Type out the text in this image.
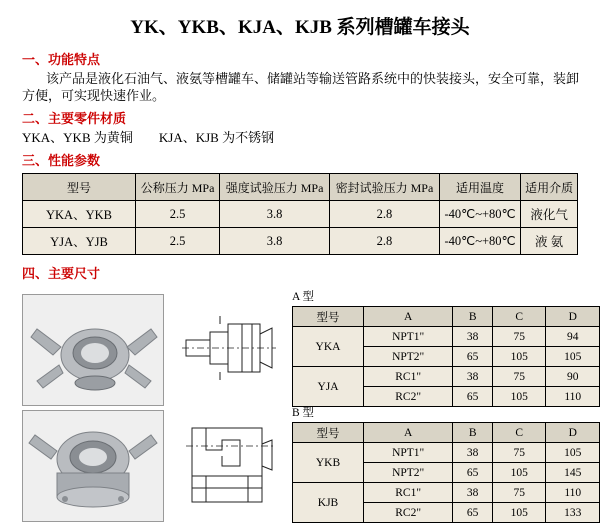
YK、YKB、KJA、KJB 系列槽罐车接头
一、功能特点
该产品是液化石油气、液氨等槽罐车、储罐站等输送管路系统中的快装接头，安全可靠，装卸方便，可实现快速作业。
二、主要零件材质
YKA、YKB 为黄铜 KJA、KJB 为不锈钢
三、性能参数
型号	公称压力 MPa	强度试验压力 MPa	密封试验压力 MPa	适用温度	适用介质
YKA、YKB	2.5	3.8	2.8	-40℃~+80℃	液化气
YJA、YJB	2.5	3.8	2.8	-40℃~+80℃	液 氨
四、主要尺寸
A 型
型号	A	B	C	D
YKA	NPT1"	38	75	94
	NPT2"	65	105	105
YJA	RC1"	38	75	90
	RC2"	65	105	110
B 型
型号	A	B	C	D
YKB	NPT1"	38	75	105
	NPT2"	65	105	145
KJB	RC1"	38	75	110
	RC2"	65	105	133
